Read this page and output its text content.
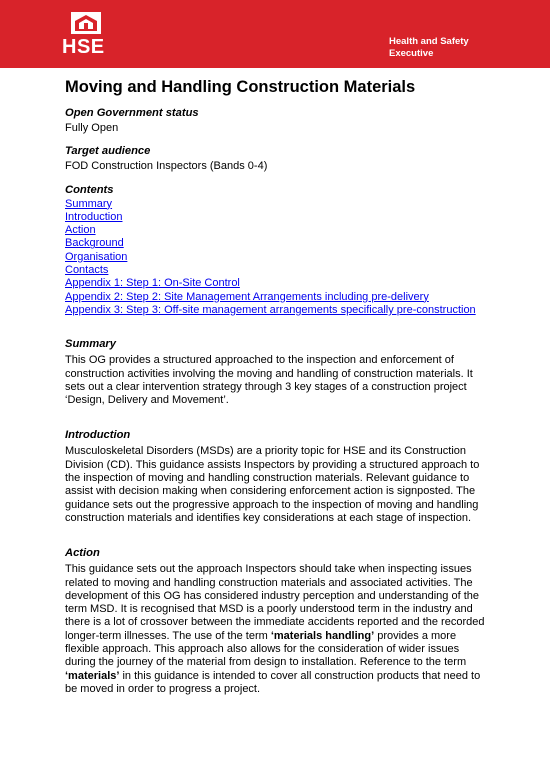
HSE	Health and Safety
Executive
Moving and Handling Construction Materials
Open Government status

Fully Open

Target audience

FOD Construction Inspectors (Bands 0-4)

Contents
Summary
Introduction
Action
Background
Organisation
Contacts
Appendix 1: Step 1: On-Site Control
Appendix 2: Step 2: Site Management Arrangements including pre-delivery
Appendix 3: Step 3: Off-site management arrangements specifically pre-construction
Summary

This OG provides a structured approached to the inspection and enforcement of construction activities involving the moving and handling of construction materials. It sets out a clear intervention strategy through 3 key stages of a construction project ‘Design, Delivery and Movement’.

Introduction

Musculoskeletal Disorders (MSDs) are a priority topic for HSE and its Construction Division (CD). This guidance assists Inspectors by providing a structured approach to the inspection of moving and handling construction materials. Relevant guidance to assist with decision making when considering enforcement action is signposted. The guidance sets out the progressive approach to the inspection of moving and handling construction materials and identifies key considerations at each stage of inspection.

Action

This guidance sets out the approach Inspectors should take when inspecting issues related to moving and handling construction materials and associated activities. The development of this OG has considered industry perception and understanding of the term MSD. It is recognised that MSD is a poorly understood term in the industry and there is a lot of crossover between the immediate accidents reported and the recorded longer-term illnesses. The use of the term ‘materials handling’ provides a more flexible approach. This approach also allows for the consideration of wider issues during the journey of the material from design to installation. Reference to the term ‘materials’ in this guidance is intended to cover all construction products that need to be moved in order to progress a project.
